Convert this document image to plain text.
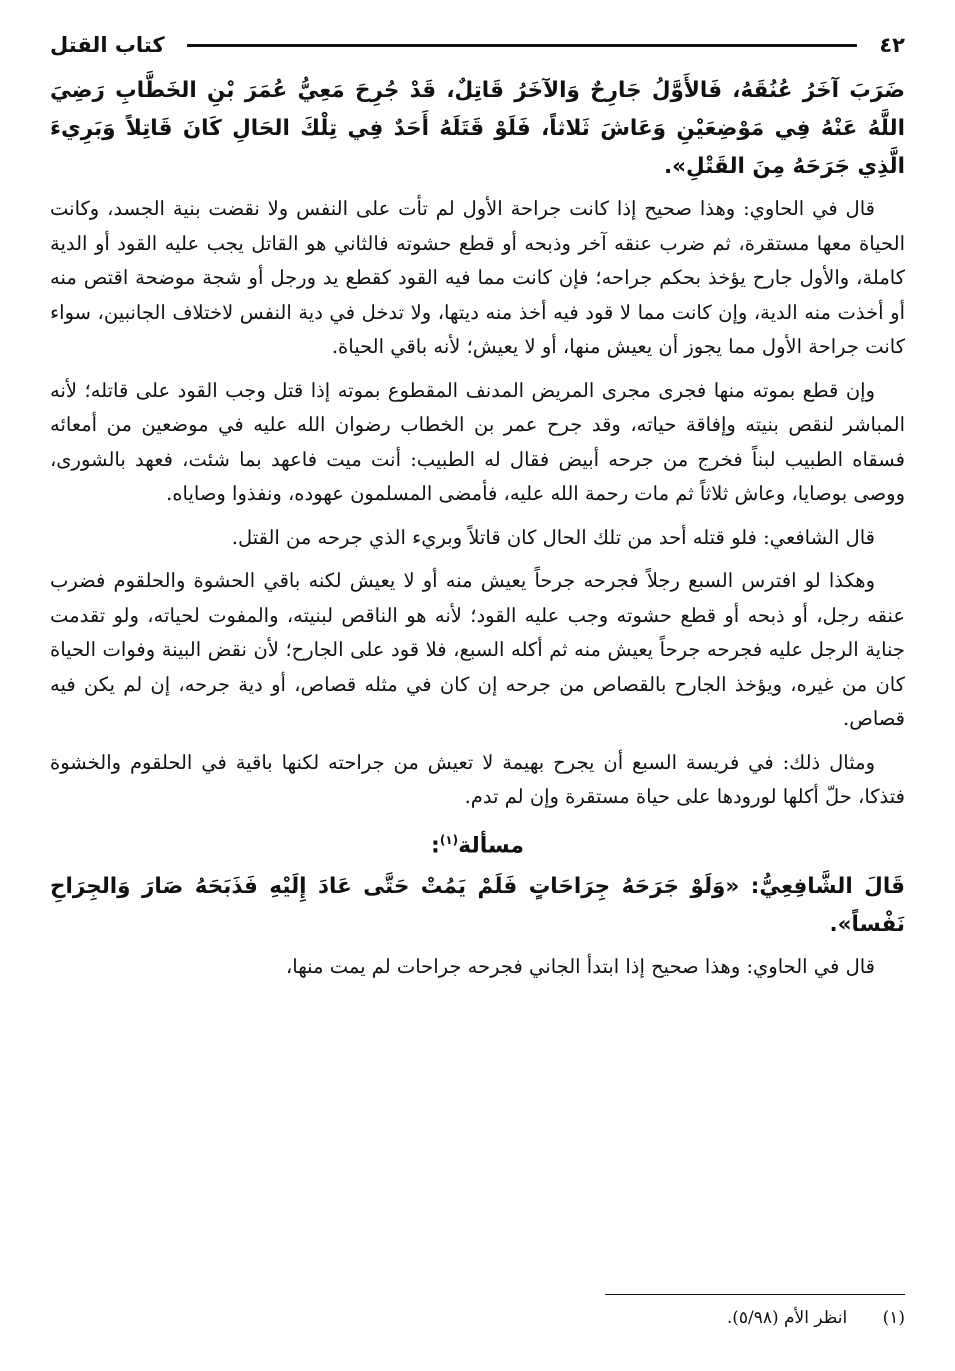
٤٢
كتاب القتل
ضَرَبَ آخَرُ عُنُقَهُ، فَالأَوَّلُ جَارِحٌ وَالآخَرُ قَاتِلٌ، قَدْ جُرِحَ مَعِيُّ عُمَرَ بْنِ الخَطَّابِ رَضِيَ اللَّهُ عَنْهُ فِي مَوْضِعَيْنِ وَعَاشَ ثَلاثاً، فَلَوْ قَتَلَهُ أَحَدٌ فِي تِلْكَ الحَالِ كَانَ قَاتِلاً وَبَرِيءَ الَّذِي جَرَحَهُ مِنَ القَتْلِ».

قال في الحاوي: وهذا صحيح إذا كانت جراحة الأول لم تأت على النفس ولا نقضت بنية الجسد، وكانت الحياة معها مستقرة، ثم ضرب عنقه آخر وذبحه أو قطع حشوته فالثاني هو القاتل يجب عليه القود أو الدية كاملة، والأول جارح يؤخذ بحكم جراحه؛ فإن كانت مما فيه القود كقطع يد ورجل أو شجة موضحة اقتص منه أو أخذت منه الدية، وإن كانت مما لا قود فيه أخذ منه ديتها، ولا تدخل في دية النفس لاختلاف الجانبين، سواء كانت جراحة الأول مما يجوز أن يعيش منها، أو لا يعيش؛ لأنه باقي الحياة.

وإن قطع بموته منها فجرى مجرى المريض المدنف المقطوع بموته إذا قتل وجب القود على قاتله؛ لأنه المباشر لنقص بنيته وإفاقة حياته، وقد جرح عمر بن الخطاب رضوان الله عليه في موضعين من أمعائه فسقاه الطبيب لبناً فخرج من جرحه أبيض فقال له الطبيب: أنت ميت فاعهد بما شئت، فعهد بالشورى، ووصى بوصايا، وعاش ثلاثاً ثم مات رحمة الله عليه، فأمضى المسلمون عهوده، ونفذوا وصاياه.

قال الشافعي: فلو قتله أحد من تلك الحال كان قاتلاً وبريء الذي جرحه من القتل.

وهكذا لو افترس السبع رجلاً فجرحه جرحاً يعيش منه أو لا يعيش لكنه باقي الحشوة والحلقوم فضرب عنقه رجل، أو ذبحه أو قطع حشوته وجب عليه القود؛ لأنه هو الناقص لبنيته، والمفوت لحياته، ولو تقدمت جناية الرجل عليه فجرحه جرحاً يعيش منه ثم أكله السبع، فلا قود على الجارح؛ لأن نقض البينة وفوات الحياة كان من غيره، ويؤخذ الجارح بالقصاص من جرحه إن كان في مثله قصاص، أو دية جرحه، إن لم يكن فيه قصاص.

ومثال ذلك: في فريسة السبع أن يجرح بهيمة لا تعيش من جراحته لكنها باقية في الحلقوم والخشوة فتذكا، حلّ أكلها لورودها على حياة مستقرة وإن لم تدم.

مسألة$^{(١)}$:
قَالَ الشَّافِعِيُّ: «وَلَوْ جَرَحَهُ جِرَاحَاتٍ فَلَمْ يَمُتْ حَتَّى عَادَ إِلَيْهِ فَذَبَحَهُ صَارَ وَالجِرَاحِ نَفْساً».

قال في الحاوي: وهذا صحيح إذا ابتدأ الجاني فجرحه جراحات لم يمت منها،

(١) انظر الأم (٥/٩٨).
